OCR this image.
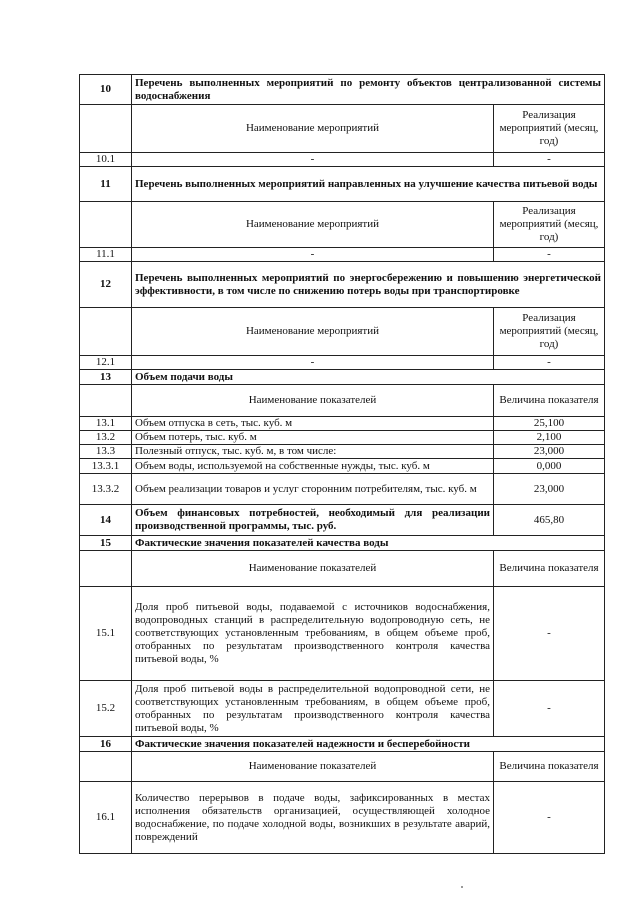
10	Перечень выполненных мероприятий по ремонту объектов централизованной системы водоснабжения	
	Наименование мероприятий	Реализация мероприятий (месяц, год)
10.1	-	-
11	Перечень выполненных мероприятий направленных на улучшение качества питьевой воды	
	Наименование мероприятий	Реализация мероприятий (месяц, год)
11.1	-	-
12	Перечень выполненных мероприятий по энергосбережению и повышению энергетической эффективности, в том числе по снижению потерь воды при транспортировке	
	Наименование мероприятий	Реализация мероприятий (месяц, год)
12.1	-	-
13	Объем подачи воды	
	Наименование показателей	Величина показателя
13.1	Объем отпуска в сеть, тыс. куб. м	25,100
13.2	Объем потерь, тыс. куб. м	2,100
13.3	Полезный отпуск, тыс. куб. м, в том числе:	23,000
13.3.1	Объем воды, используемой на собственные нужды, тыс. куб. м	0,000
13.3.2	Объем реализации товаров и услуг сторонним потребителям, тыс. куб. м	23,000
14	Объем финансовых потребностей, необходимый для реализации производственной программы, тыс. руб.	465,80
15	Фактические значения показателей качества воды	
	Наименование показателей	Величина показателя
15.1	Доля проб питьевой воды, подаваемой с источников водоснабжения, водопроводных станций в распределительную водопроводную сеть, не соответствующих установленным требованиям, в общем объеме проб, отобранных по результатам производственного контроля качества питьевой воды, %	-
15.2	Доля проб питьевой воды в распределительной водопроводной сети, не соответствующих установленным требованиям, в общем объеме проб, отобранных по результатам производственного контроля качества питьевой воды, %	-
16	Фактические значения показателей надежности и бесперебойности	
	Наименование показателей	Величина показателя
16.1	Количество перерывов в подаче воды, зафиксированных в местах исполнения обязательств организацией, осуществляющей холодное водоснабжение, по подаче холодной воды, возникших в результате аварий, повреждений	-
